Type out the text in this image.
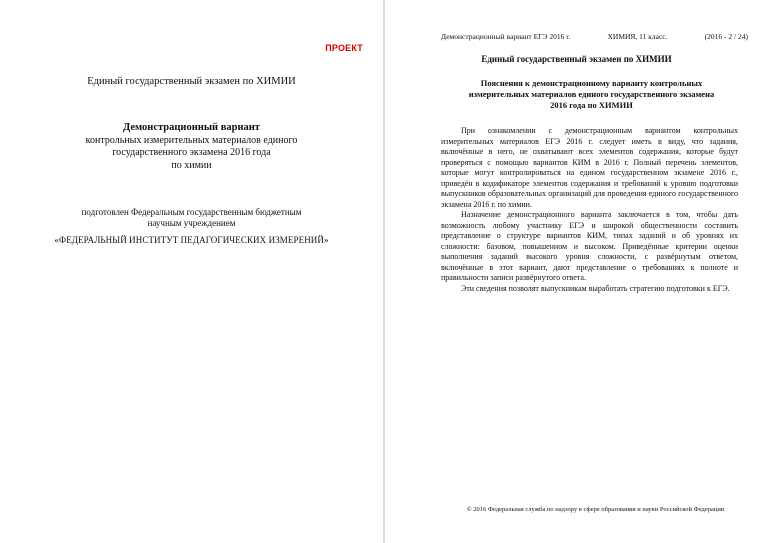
ПРОЕКТ
Единый государственный экзамен по ХИМИИ
Демонстрационный вариант
контрольных измерительных материалов единого
государственного экзамена 2016 года
по химии
подготовлен Федеральным государственным бюджетным
научным учреждением
«ФЕДЕРАЛЬНЫЙ ИНСТИТУТ ПЕДАГОГИЧЕСКИХ ИЗМЕРЕНИЙ»
Демонстрационный вариант ЕГЭ 2016 г.	ХИМИЯ, 11 класс.	(2016 - 2 / 24)
Единый государственный экзамен по ХИМИИ
Пояснения к демонстрационному варианту контрольных
измерительных материалов единого государственного экзамена
2016 года по ХИМИИ

При ознакомлении с демонстрационным вариантом контрольных измерительных материалов ЕГЭ 2016 г. следует иметь в виду, что задания, включённые в него, не охватывают всех элементов содержания, которые будут проверяться с помощью вариантов КИМ в 2016 г. Полный перечень элементов, которые могут контролироваться на едином государственном экзамене 2016 г., приведён в кодификаторе элементов содержания и требований к уровню подготовки выпускников образовательных организаций для проведения единого государственного экзамена 2016 г. по химии.

Назначение демонстрационного варианта заключается в том, чтобы дать возможность любому участнику ЕГЭ и широкой общественности составить представление о структуре вариантов КИМ, типах заданий и об уровнях их сложности: базовом, повышенном и высоком. Приведённые критерии оценки выполнения заданий высокого уровня сложности, с развёрнутым ответом, включённые в этот вариант, дают представление о требованиях к полноте и правильности записи развёрнутого ответа.

Эти сведения позволят выпускникам выработать стратегию подготовки к ЕГЭ.

© 2016 Федеральная служба по надзору в сфере образования и науки Российской Федерации
